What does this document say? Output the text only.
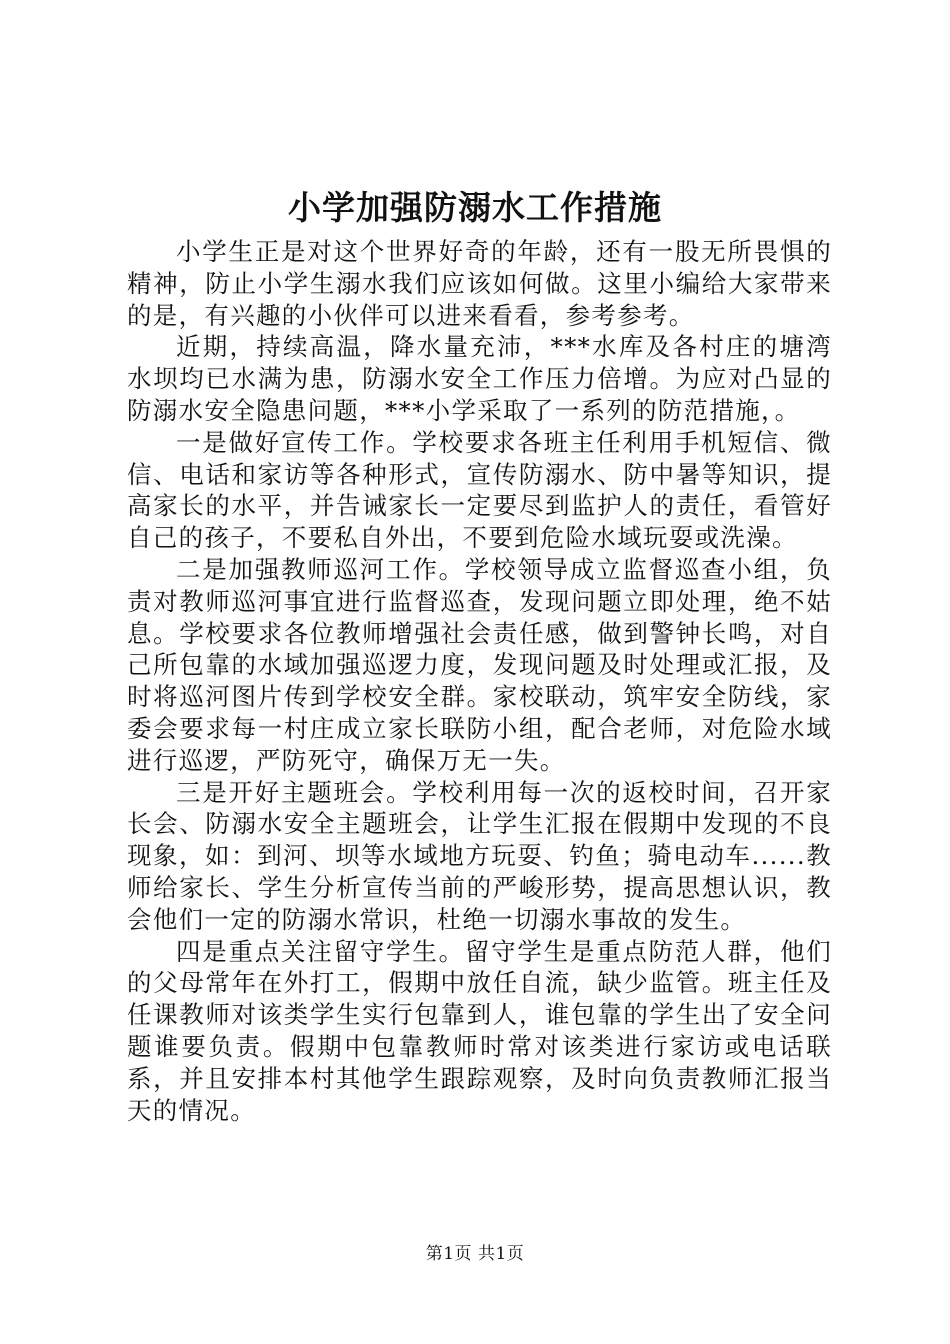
小学加强防溺水工作措施

小学生正是对这个世界好奇的年龄，还有一股无所畏惧的精神，防止小学生溺水我们应该如何做。这里小编给大家带来的是，有兴趣的小伙伴可以进来看看，参考参考。

近期，持续高温，降水量充沛，***水库及各村庄的塘湾水坝均已水满为患，防溺水安全工作压力倍增。为应对凸显的防溺水安全隐患问题，***小学采取了一系列的防范措施，。

一是做好宣传工作。学校要求各班主任利用手机短信、微信、电话和家访等各种形式，宣传防溺水、防中暑等知识，提高家长的水平，并告诫家长一定要尽到监护人的责任，看管好自己的孩子，不要私自外出，不要到危险水域玩耍或洗澡。

二是加强教师巡河工作。学校领导成立监督巡查小组，负责对教师巡河事宜进行监督巡查，发现问题立即处理，绝不姑息。学校要求各位教师增强社会责任感，做到警钟长鸣，对自己所包靠的水域加强巡逻力度，发现问题及时处理或汇报，及时将巡河图片传到学校安全群。家校联动，筑牢安全防线，家委会要求每一村庄成立家长联防小组，配合老师，对危险水域进行巡逻，严防死守，确保万无一失。

三是开好主题班会。学校利用每一次的返校时间，召开家长会、防溺水安全主题班会，让学生汇报在假期中发现的不良现象，如：到河、坝等水域地方玩耍、钓鱼；骑电动车......教师给家长、学生分析宣传当前的严峻形势，提高思想认识，教会他们一定的防溺水常识，杜绝一切溺水事故的发生。

四是重点关注留守学生。留守学生是重点防范人群，他们的父母常年在外打工，假期中放任自流，缺少监管。班主任及任课教师对该类学生实行包靠到人，谁包靠的学生出了安全问题谁要负责。假期中包靠教师时常对该类进行家访或电话联系，并且安排本村其他学生跟踪观察，及时向负责教师汇报当天的情况。

第1页 共1页
